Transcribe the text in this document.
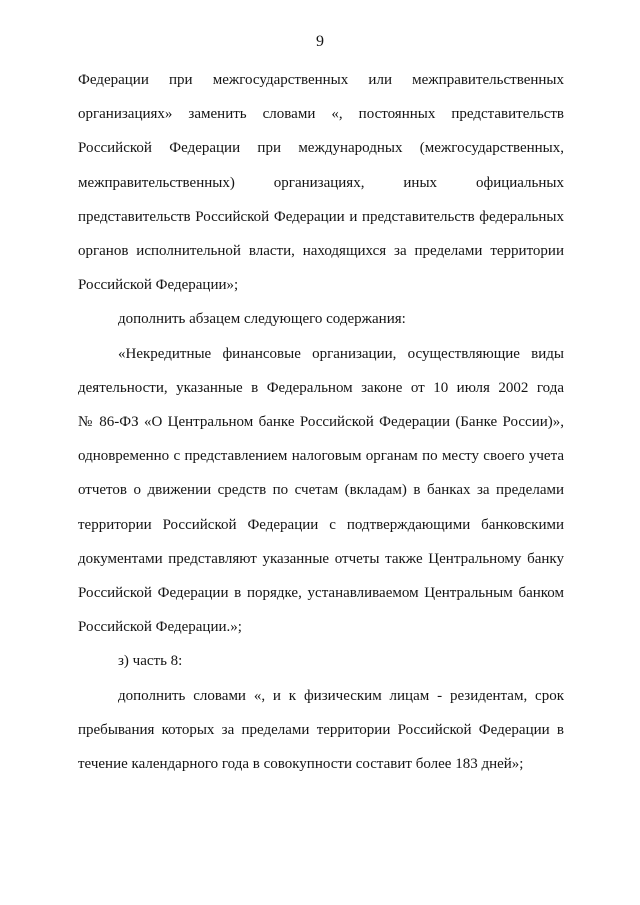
9
Федерации при межгосударственных или межправительственных
организациях» заменить словами «, постоянных представительств
Российской Федерации при международных (межгосударственных,
межправительственных) организациях, иных официальных
представительств Российской Федерации и представительств федеральных
органов исполнительной власти, находящихся за пределами территории
Российской Федерации»;
дополнить абзацем следующего содержания:
«Некредитные финансовые организации, осуществляющие виды
деятельности, указанные в Федеральном законе от 10 июля 2002 года
№ 86-ФЗ «О Центральном банке Российской Федерации (Банке России)»,
одновременно с представлением налоговым органам по месту своего учета
отчетов о движении средств по счетам (вкладам) в банках за пределами
территории Российской Федерации с подтверждающими банковскими
документами представляют указанные отчеты также Центральному банку
Российской Федерации в порядке, устанавливаемом Центральным банком
Российской Федерации.»;
з) часть 8:
дополнить словами «, и к физическим лицам - резидентам, срок
пребывания которых за пределами территории Российской Федерации в
течение календарного года в совокупности составит более 183 дней»;
